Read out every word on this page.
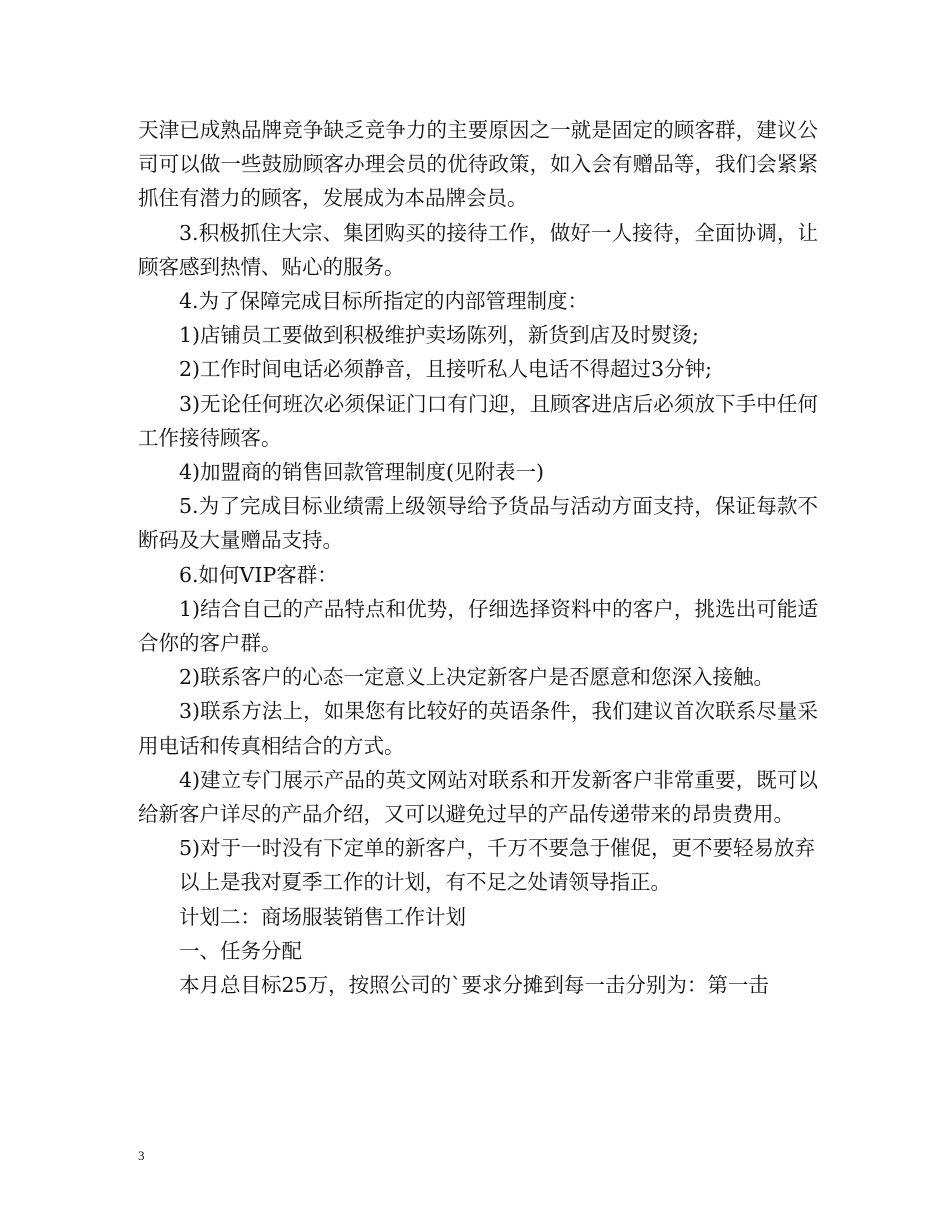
天津已成熟品牌竞争缺乏竞争力的主要原因之一就是固定的顾客群，建议公司可以做一些鼓励顾客办理会员的优待政策，如入会有赠品等，我们会紧紧抓住有潜力的顾客，发展成为本品牌会员。

3.积极抓住大宗、集团购买的接待工作，做好一人接待，全面协调，让顾客感到热情、贴心的服务。

4.为了保障完成目标所指定的内部管理制度：

1)店铺员工要做到积极维护卖场陈列，新货到店及时熨烫;

2)工作时间电话必须静音，且接听私人电话不得超过3分钟;

3)无论任何班次必须保证门口有门迎，且顾客进店后必须放下手中任何工作接待顾客。

4)加盟商的销售回款管理制度(见附表一)

5.为了完成目标业绩需上级领导给予货品与活动方面支持，保证每款不断码及大量赠品支持。

6.如何VIP客群：

1)结合自己的产品特点和优势，仔细选择资料中的客户，挑选出可能适合你的客户群。

2)联系客户的心态一定意义上决定新客户是否愿意和您深入接触。

3)联系方法上，如果您有比较好的英语条件，我们建议首次联系尽量采用电话和传真相结合的方式。

4)建立专门展示产品的英文网站对联系和开发新客户非常重要，既可以给新客户详尽的产品介绍，又可以避免过早的产品传递带来的昂贵费用。

5)对于一时没有下定单的新客户，千万不要急于催促，更不要轻易放弃

以上是我对夏季工作的计划，有不足之处请领导指正。

计划二：商场服装销售工作计划

一、任务分配

本月总目标25万，按照公司的`要求分摊到每一击分别为：第一击

3
